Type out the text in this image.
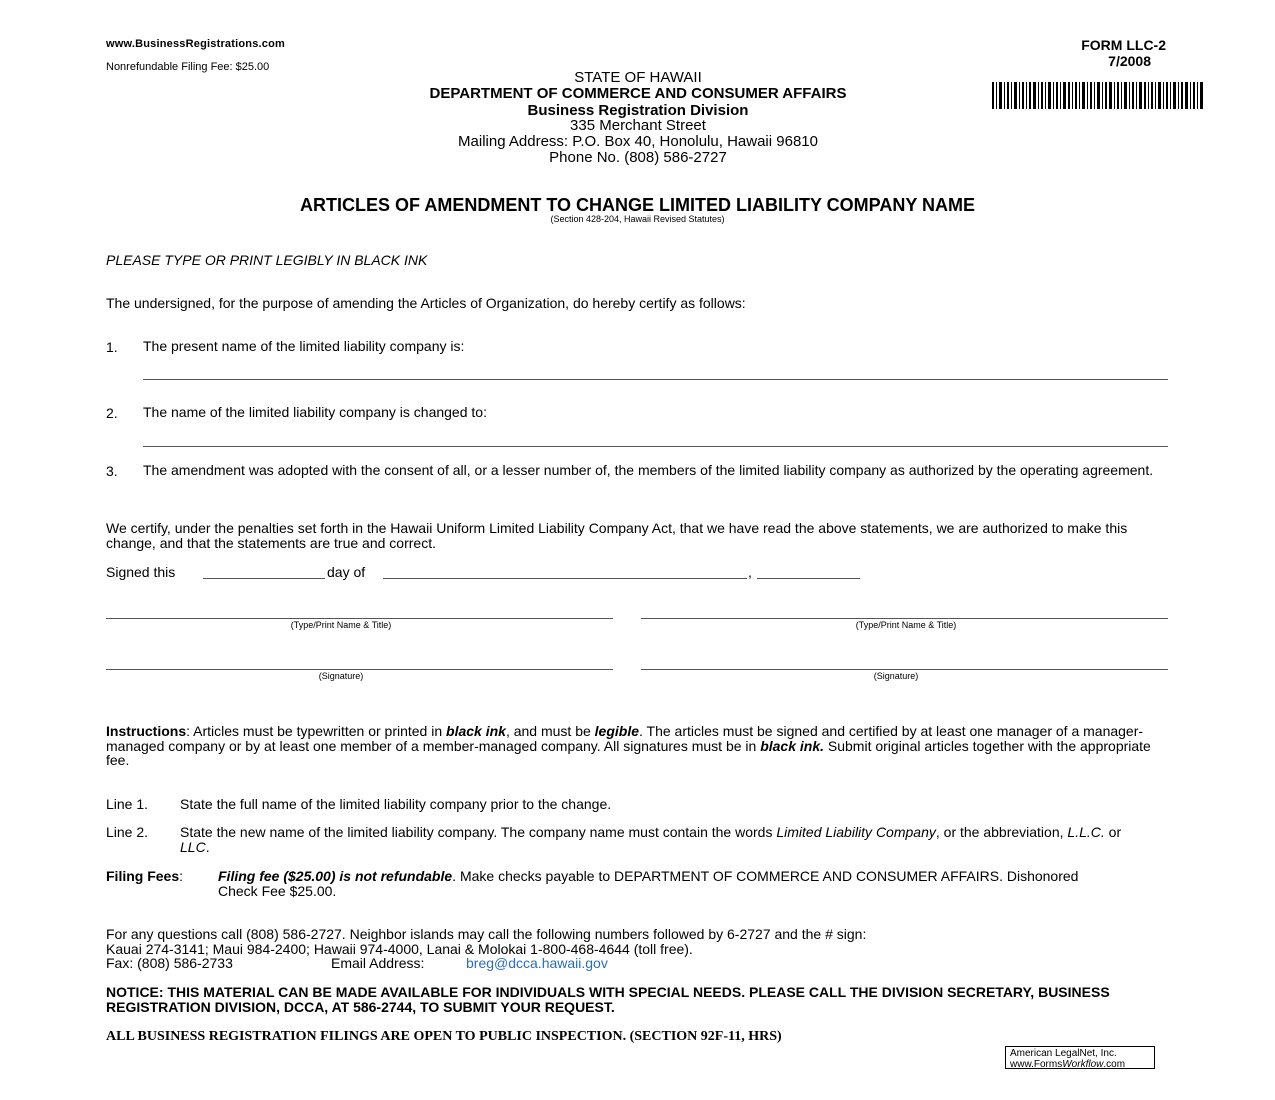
www.BusinessRegistrations.com
Nonrefundable Filing Fee: $25.00
FORM LLC-2
7/2008
STATE OF HAWAII
DEPARTMENT OF COMMERCE AND CONSUMER AFFAIRS
Business Registration Division
335 Merchant Street
Mailing Address: P.O. Box 40, Honolulu, Hawaii 96810
Phone No. (808) 586-2727
ARTICLES OF AMENDMENT TO CHANGE LIMITED LIABILITY COMPANY NAME
(Section 428-204, Hawaii Revised Statutes)
PLEASE TYPE OR PRINT LEGIBLY IN BLACK INK
The undersigned, for the purpose of amending the Articles of Organization, do hereby certify as follows:
1. The present name of the limited liability company is:
2. The name of the limited liability company is changed to:
3. The amendment was adopted with the consent of all, or a lesser number of, the members of the limited liability company as authorized by the operating agreement.
We certify, under the penalties set forth in the Hawaii Uniform Limited Liability Company Act, that we have read the above statements, we are authorized to make this change, and that the statements are true and correct.
Signed this	day of	,
(Type/Print Name & Title)	(Type/Print Name & Title)
(Signature)	(Signature)
Instructions: Articles must be typewritten or printed in black ink, and must be legible. The articles must be signed and certified by at least one manager of a manager-managed company or by at least one member of a member-managed company. All signatures must be in black ink. Submit original articles together with the appropriate fee.
Line 1. State the full name of the limited liability company prior to the change.
Line 2. State the new name of the limited liability company. The company name must contain the words Limited Liability Company, or the abbreviation, L.L.C. or LLC.
Filing Fees: Filing fee ($25.00) is not refundable. Make checks payable to DEPARTMENT OF COMMERCE AND CONSUMER AFFAIRS. Dishonored Check Fee $25.00.
For any questions call (808) 586-2727. Neighbor islands may call the following numbers followed by 6-2727 and the # sign:
Kauai 274-3141; Maui 984-2400; Hawaii 974-4000, Lanai & Molokai 1-800-468-4644 (toll free).
Fax: (808) 586-2733	Email Address:	breg@dcca.hawaii.gov
NOTICE: THIS MATERIAL CAN BE MADE AVAILABLE FOR INDIVIDUALS WITH SPECIAL NEEDS. PLEASE CALL THE DIVISION SECRETARY, BUSINESS REGISTRATION DIVISION, DCCA, AT 586-2744, TO SUBMIT YOUR REQUEST.
ALL BUSINESS REGISTRATION FILINGS ARE OPEN TO PUBLIC INSPECTION. (SECTION 92F-11, HRS)
American LegalNet, Inc.
www.FormsWorkflow.com
